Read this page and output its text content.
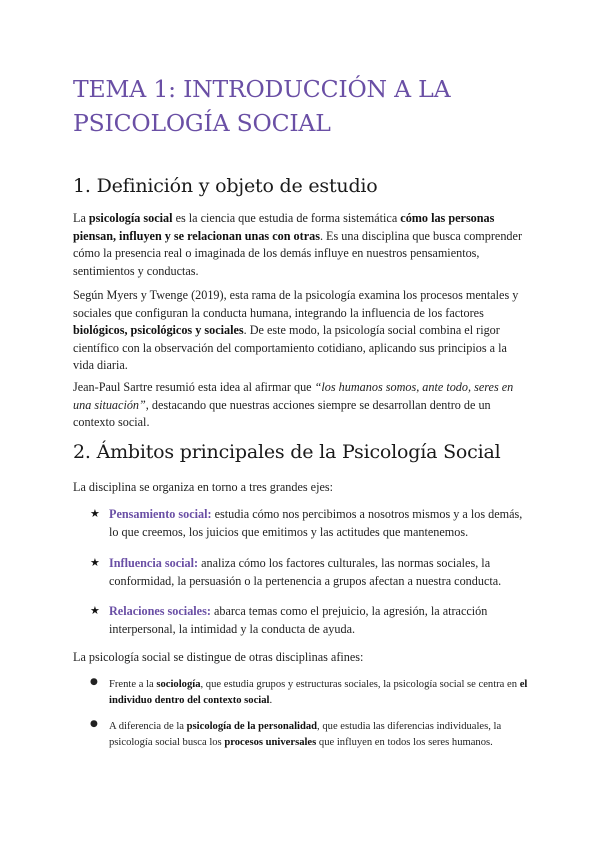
TEMA 1: INTRODUCCIÓN A LA PSICOLOGÍA SOCIAL
1. Definición y objeto de estudio

La psicología social es la ciencia que estudia de forma sistemática cómo las personas piensan, influyen y se relacionan unas con otras. Es una disciplina que busca comprender cómo la presencia real o imaginada de los demás influye en nuestros pensamientos, sentimientos y conductas.

Según Myers y Twenge (2019), esta rama de la psicología examina los procesos mentales y sociales que configuran la conducta humana, integrando la influencia de los factores biológicos, psicológicos y sociales. De este modo, la psicología social combina el rigor científico con la observación del comportamiento cotidiano, aplicando sus principios a la vida diaria.

Jean-Paul Sartre resumió esta idea al afirmar que “los humanos somos, ante todo, seres en una situación”, destacando que nuestras acciones siempre se desarrollan dentro de un contexto social.

2. Ámbitos principales de la Psicología Social

La disciplina se organiza en torno a tres grandes ejes:

★ Pensamiento social: estudia cómo nos percibimos a nosotros mismos y a los demás, lo que creemos, los juicios que emitimos y las actitudes que mantenemos.
★ Influencia social: analiza cómo los factores culturales, las normas sociales, la conformidad, la persuasión o la pertenencia a grupos afectan a nuestra conducta.
★ Relaciones sociales: abarca temas como el prejuicio, la agresión, la atracción interpersonal, la intimidad y la conducta de ayuda.

La psicología social se distingue de otras disciplinas afines:

● Frente a la sociología, que estudia grupos y estructuras sociales, la psicología social se centra en el individuo dentro del contexto social.
● A diferencia de la psicología de la personalidad, que estudia las diferencias individuales, la psicología social busca los procesos universales que influyen en todos los seres humanos.
